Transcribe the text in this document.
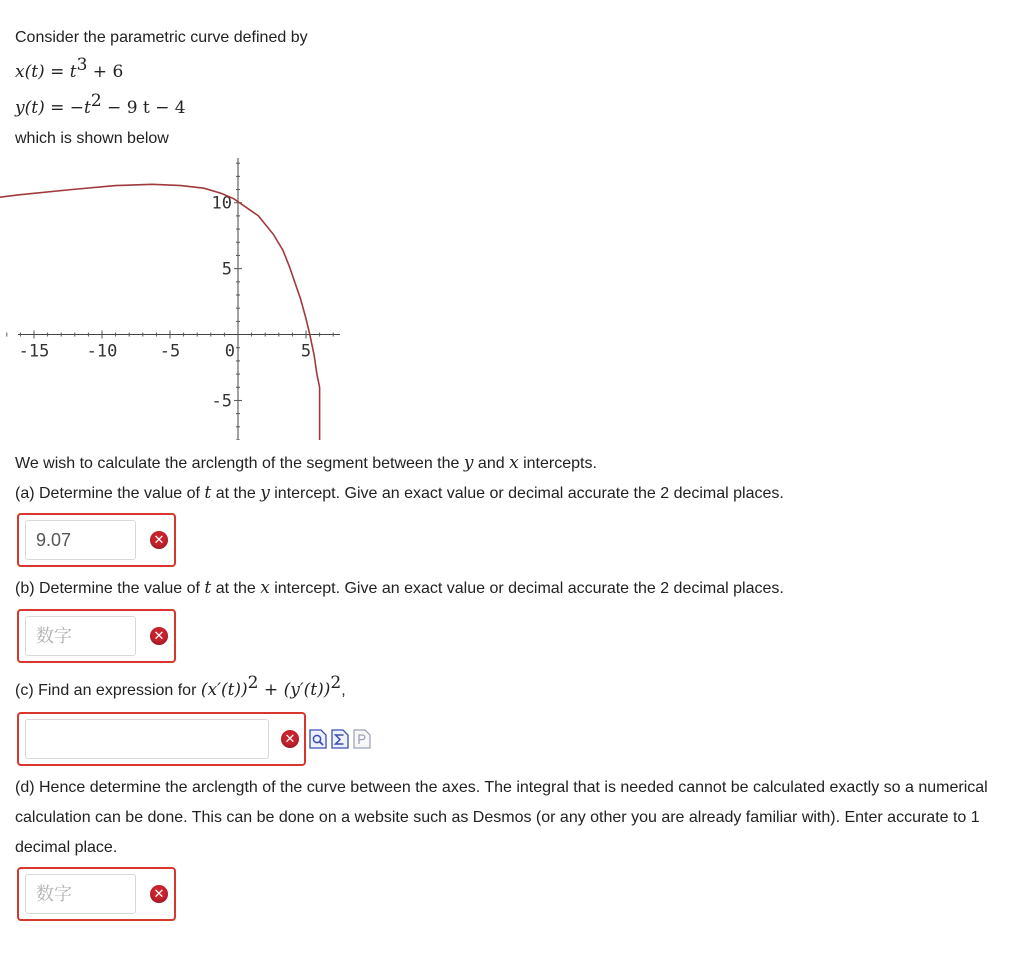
Consider the parametric curve defined by
$x(t) = t^3 + 6$
$y(t) = -t^2 - 9$ t − 4
which is shown below
-15 -10 -5	0	5
10
5
-5
We wish to calculate the arclength of the segment between the y and x intercepts.
(a) Determine the value of t at the y intercept. Give an exact value or decimal accurate the 2 decimal places.
9.07
✕
(b) Determine the value of t at the x intercept. Give an exact value or decimal accurate the 2 decimal places.
数字
✕
(c) Find an expression for $(x'(t))^2 + (y'(t))^2$,
✕
(d) Hence determine the arclength of the curve between the axes. The integral that is needed cannot be calculated exactly so a numerical calculation can be done. This can be done on a website such as Desmos (or any other you are already familiar with). Enter accurate to 1 decimal place.
数字
✕
